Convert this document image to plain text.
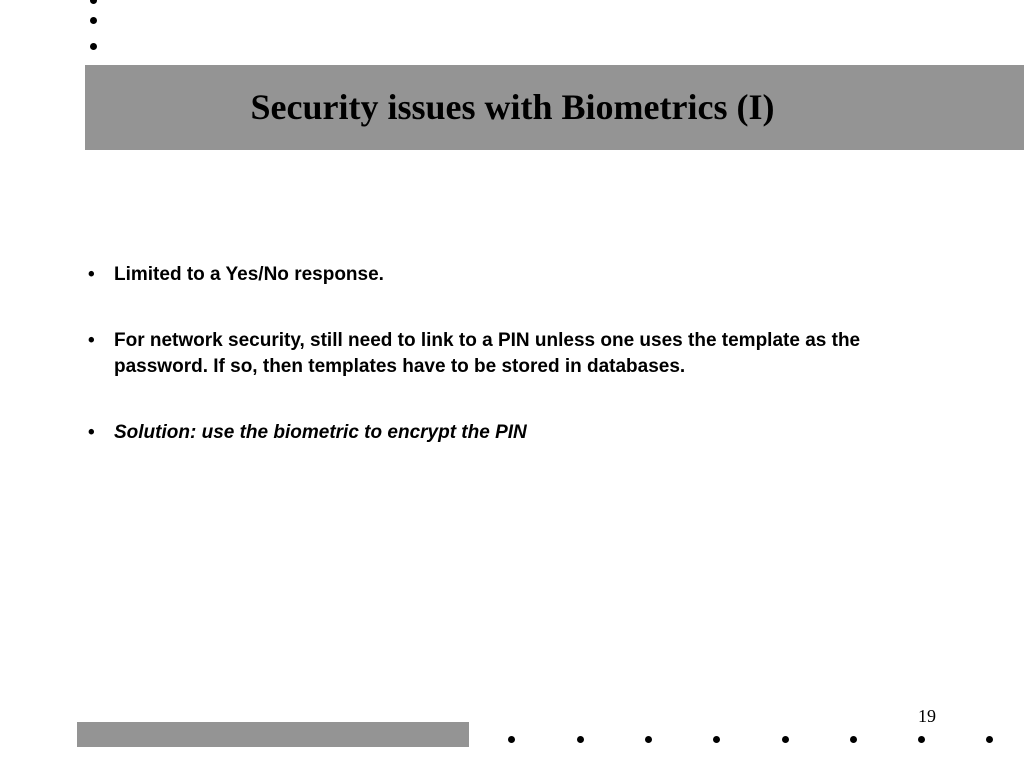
Security issues with Biometrics (I)
• Limited to a Yes/No response.
• For network security, still need to link to a PIN unless one uses the template as the password. If so, then templates have to be stored in databases.
• Solution: use the biometric to encrypt the PIN
19
